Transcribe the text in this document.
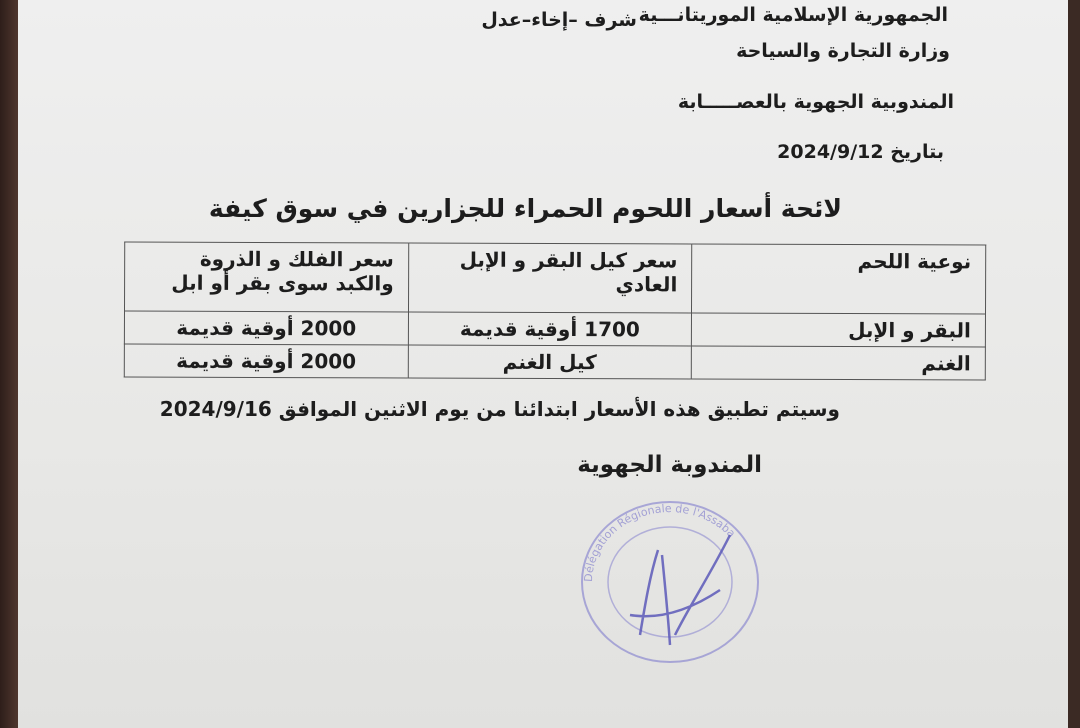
الجمهورية الإسلامية الموريتانـــية
شرف –إخاء–عدل
وزارة التجارة والسياحة
المندوبية الجهوية بالعصـــــابة
بتاريخ 2024/9/12
لائحة أسعار اللحوم الحمراء للجزارين في سوق كيفة
نوعية اللحم	سعر كيل البقر و الإبل العادي	سعر الفلك و الذروة والكبد سوى بقر أو ابل
البقر و الإبل	1700 أوقية قديمة	2000 أوقية قديمة
الغنم	كيل الغنم	2000 أوقية قديمة
وسيتم تطبيق هذه الأسعار ابتدائنا من يوم الاثنين الموافق 2024/9/16
المندوبة الجهوية
Délégation Régionale de l'Assaba
